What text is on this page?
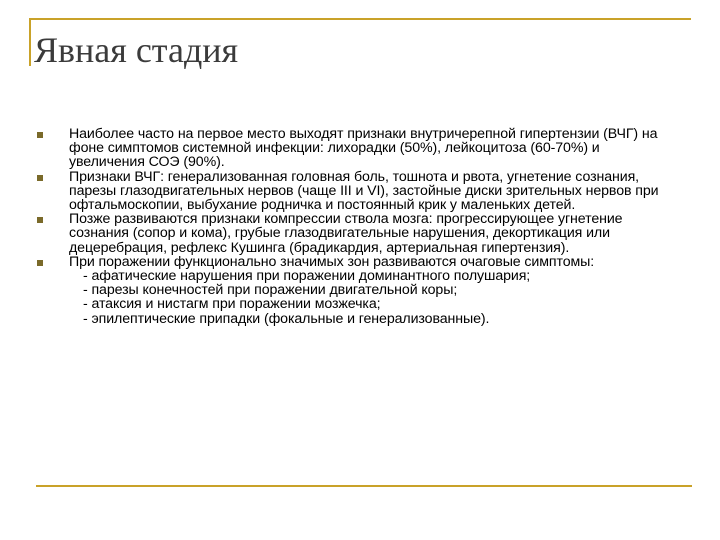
Явная стадия
Наиболее часто на первое место выходят признаки внутричерепной гипертензии (ВЧГ) на фоне симптомов системной инфекции: лихорадки (50%), лейкоцитоза (60-70%) и увеличения СОЭ (90%).
Признаки ВЧГ: генерализованная головная боль, тошнота и рвота, угнетение сознания, парезы глазодвигательных нервов (чаще III и VI), застойные диски зрительных нервов при офтальмоскопии, выбухание родничка и постоянный крик у маленьких детей.
Позже развиваются признаки компрессии ствола мозга: прогрессирующее угнетение сознания (сопор и кома), грубые глазодвигательные нарушения, декортикация или децеребрация, рефлекс Кушинга (брадикардия, артериальная гипертензия).
При поражении функционально значимых зон развиваются очаговые симптомы:
- афатические нарушения при поражении доминантного полушария;
- парезы конечностей при поражении двигательной коры;
- атаксия и нистагм при поражении мозжечка;
- эпилептические припадки (фокальные и генерализованные).
